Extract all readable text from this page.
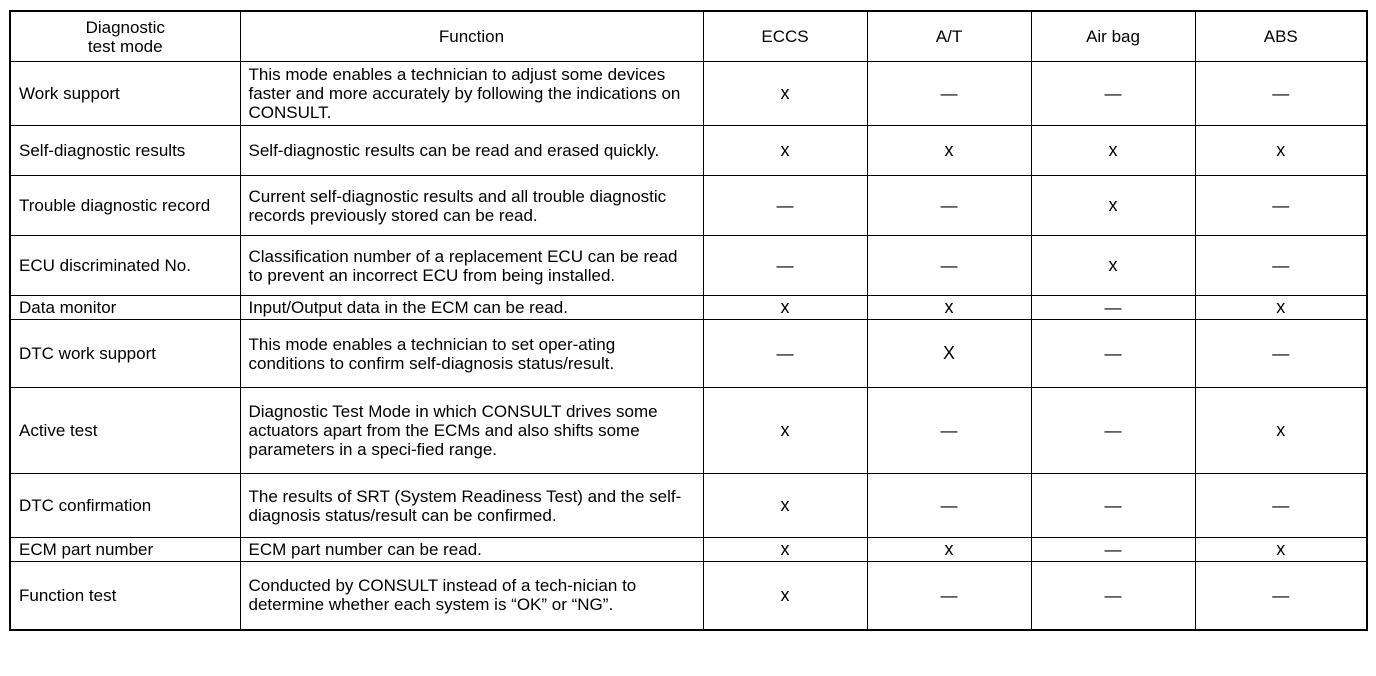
Diagnostic
test mode	Function	ECCS	A/T	Air bag	ABS
Work support	This mode enables a technician to adjust some devices faster and more accurately by following the indications on CONSULT.	x	—	—	—
Self-diagnostic results	Self-diagnostic results can be read and erased quickly.	x	x	x	x
Trouble diagnostic record	Current self-diagnostic results and all trouble diagnostic records previously stored can be read.	—	—	x	—
ECU discriminated No.	Classification number of a replacement ECU can be read to prevent an incorrect ECU from being installed.	—	—	x	—
Data monitor	Input/Output data in the ECM can be read.	x	x	—	x
DTC work support	This mode enables a technician to set oper-ating conditions to confirm self-diagnosis status/result.	—	X	—	—
Active test	Diagnostic Test Mode in which CONSULT drives some actuators apart from the ECMs and also shifts some parameters in a speci-fied range.	x	—	—	x
DTC confirmation	The results of SRT (System Readiness Test) and the self-diagnosis status/result can be confirmed.	x	—	—	—
ECM part number	ECM part number can be read.	x	x	—	x
Function test	Conducted by CONSULT instead of a tech-nician to determine whether each system is “OK” or “NG”.	x	—	—	—
